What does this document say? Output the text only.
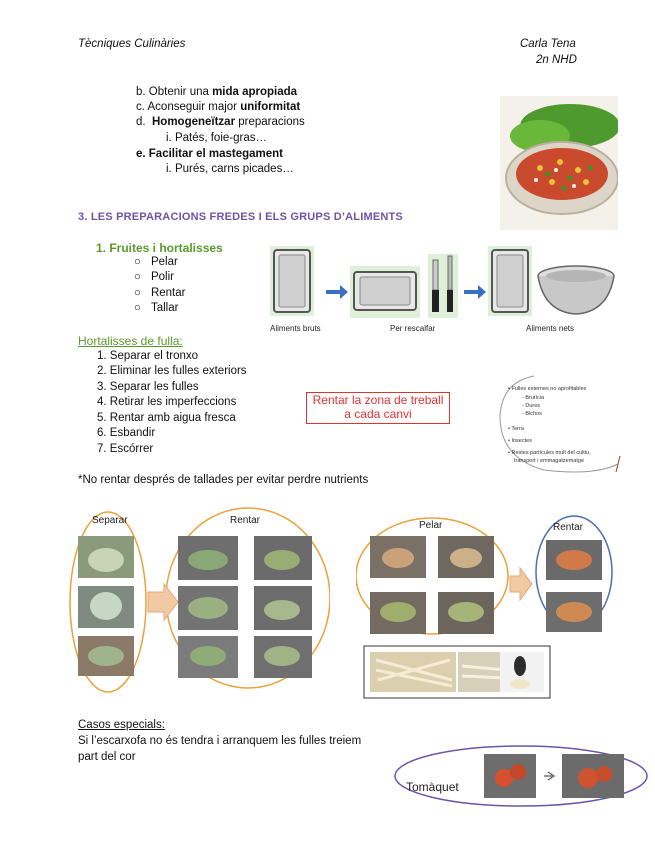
Tècniques Culinàries	Carla Tena
2n NHD
b. Obtenir una mida apropiada
c. Aconseguir major uniformitat
d.  Homogeneïtzar preparacions
i. Patés, foie-gras…
e. Facilitar el mastegament
i. Purés, carns picades…
3. LES PREPARACIONS FREDES I ELS GRUPS D’ALIMENTS
1. Fruites i hortalisses
○ Pelar
○ Polir
○ Rentar
○ Tallar
Aliments bruts	Per rescalfar	Aliments nets
Hortalisses de fulla:
1. Separar el tronxo
2. Eliminar les fulles exteriors
3. Separar les fulles
4. Retirar les imperfeccions
5. Rentar amb aigua fresca
6. Esbandir
7. Escórrer
Rentar la zona de treball
a cada canvi
• Fulles externes no aprofitables
- Brutícia
- Dures
- Bichos
• Terra
• Insectes
• Restes partícules mult del cultiu,
transport i emmagatzematge
*No rentar després de tallades per evitar perdre nutrients
Separar	Rentar	Pelar	Rentar
Casos especials:
Si l’escarxofa no és tendra i arranquem les fulles treiem
part del cor
Tomàquet
